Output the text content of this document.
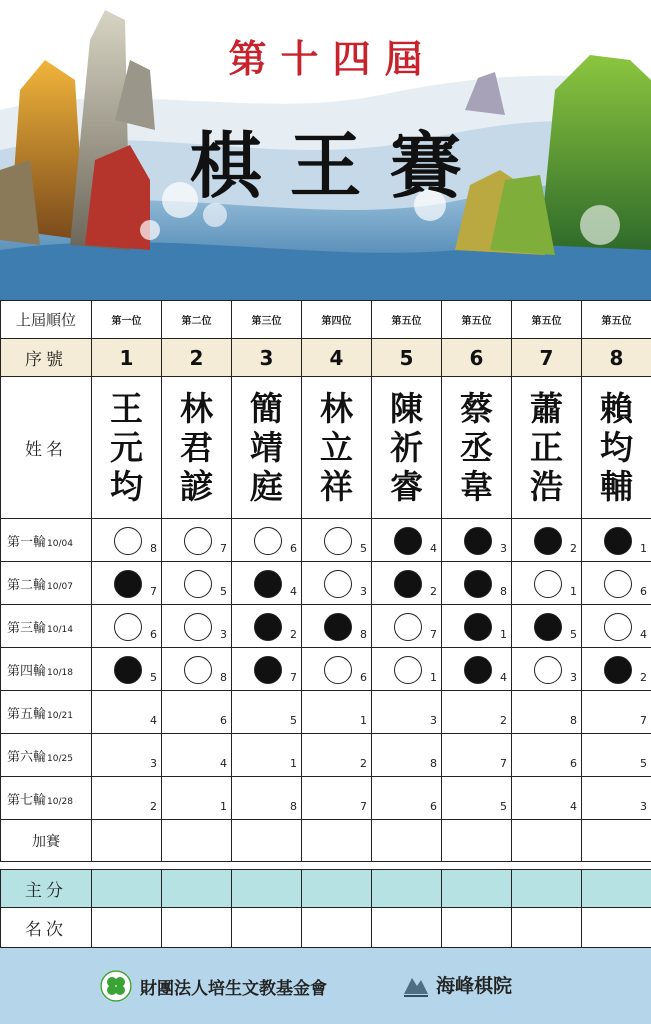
第十四屆
棋王賽
上屆順位	第一位	第二位	第三位	第四位	第五位	第五位	第五位	第五位
序號	1	2	3	4	5	6	7	8
姓名	王元均	林君諺	簡靖庭	林立祥	陳祈睿	蔡丞韋	蕭正浩	賴均輔
第一輪10/04	8	7	6	5	4	3	2	1

第二輪10/07	7	5	4	3	2	8	1	6

第三輪10/14	6	3	2	8	7	1	5	4

第四輪10/18	5	8	7	6	1	4	3	2

第五輪10/21	4	6	5	1	3	2	8	7

第六輪10/25	3	4	1	2	8	7	6	5

第七輪10/28	2	1	8	7	6	5	4	3

加賽								

主分								
名次								
財團法人培生文教基金會	海峰棋院
